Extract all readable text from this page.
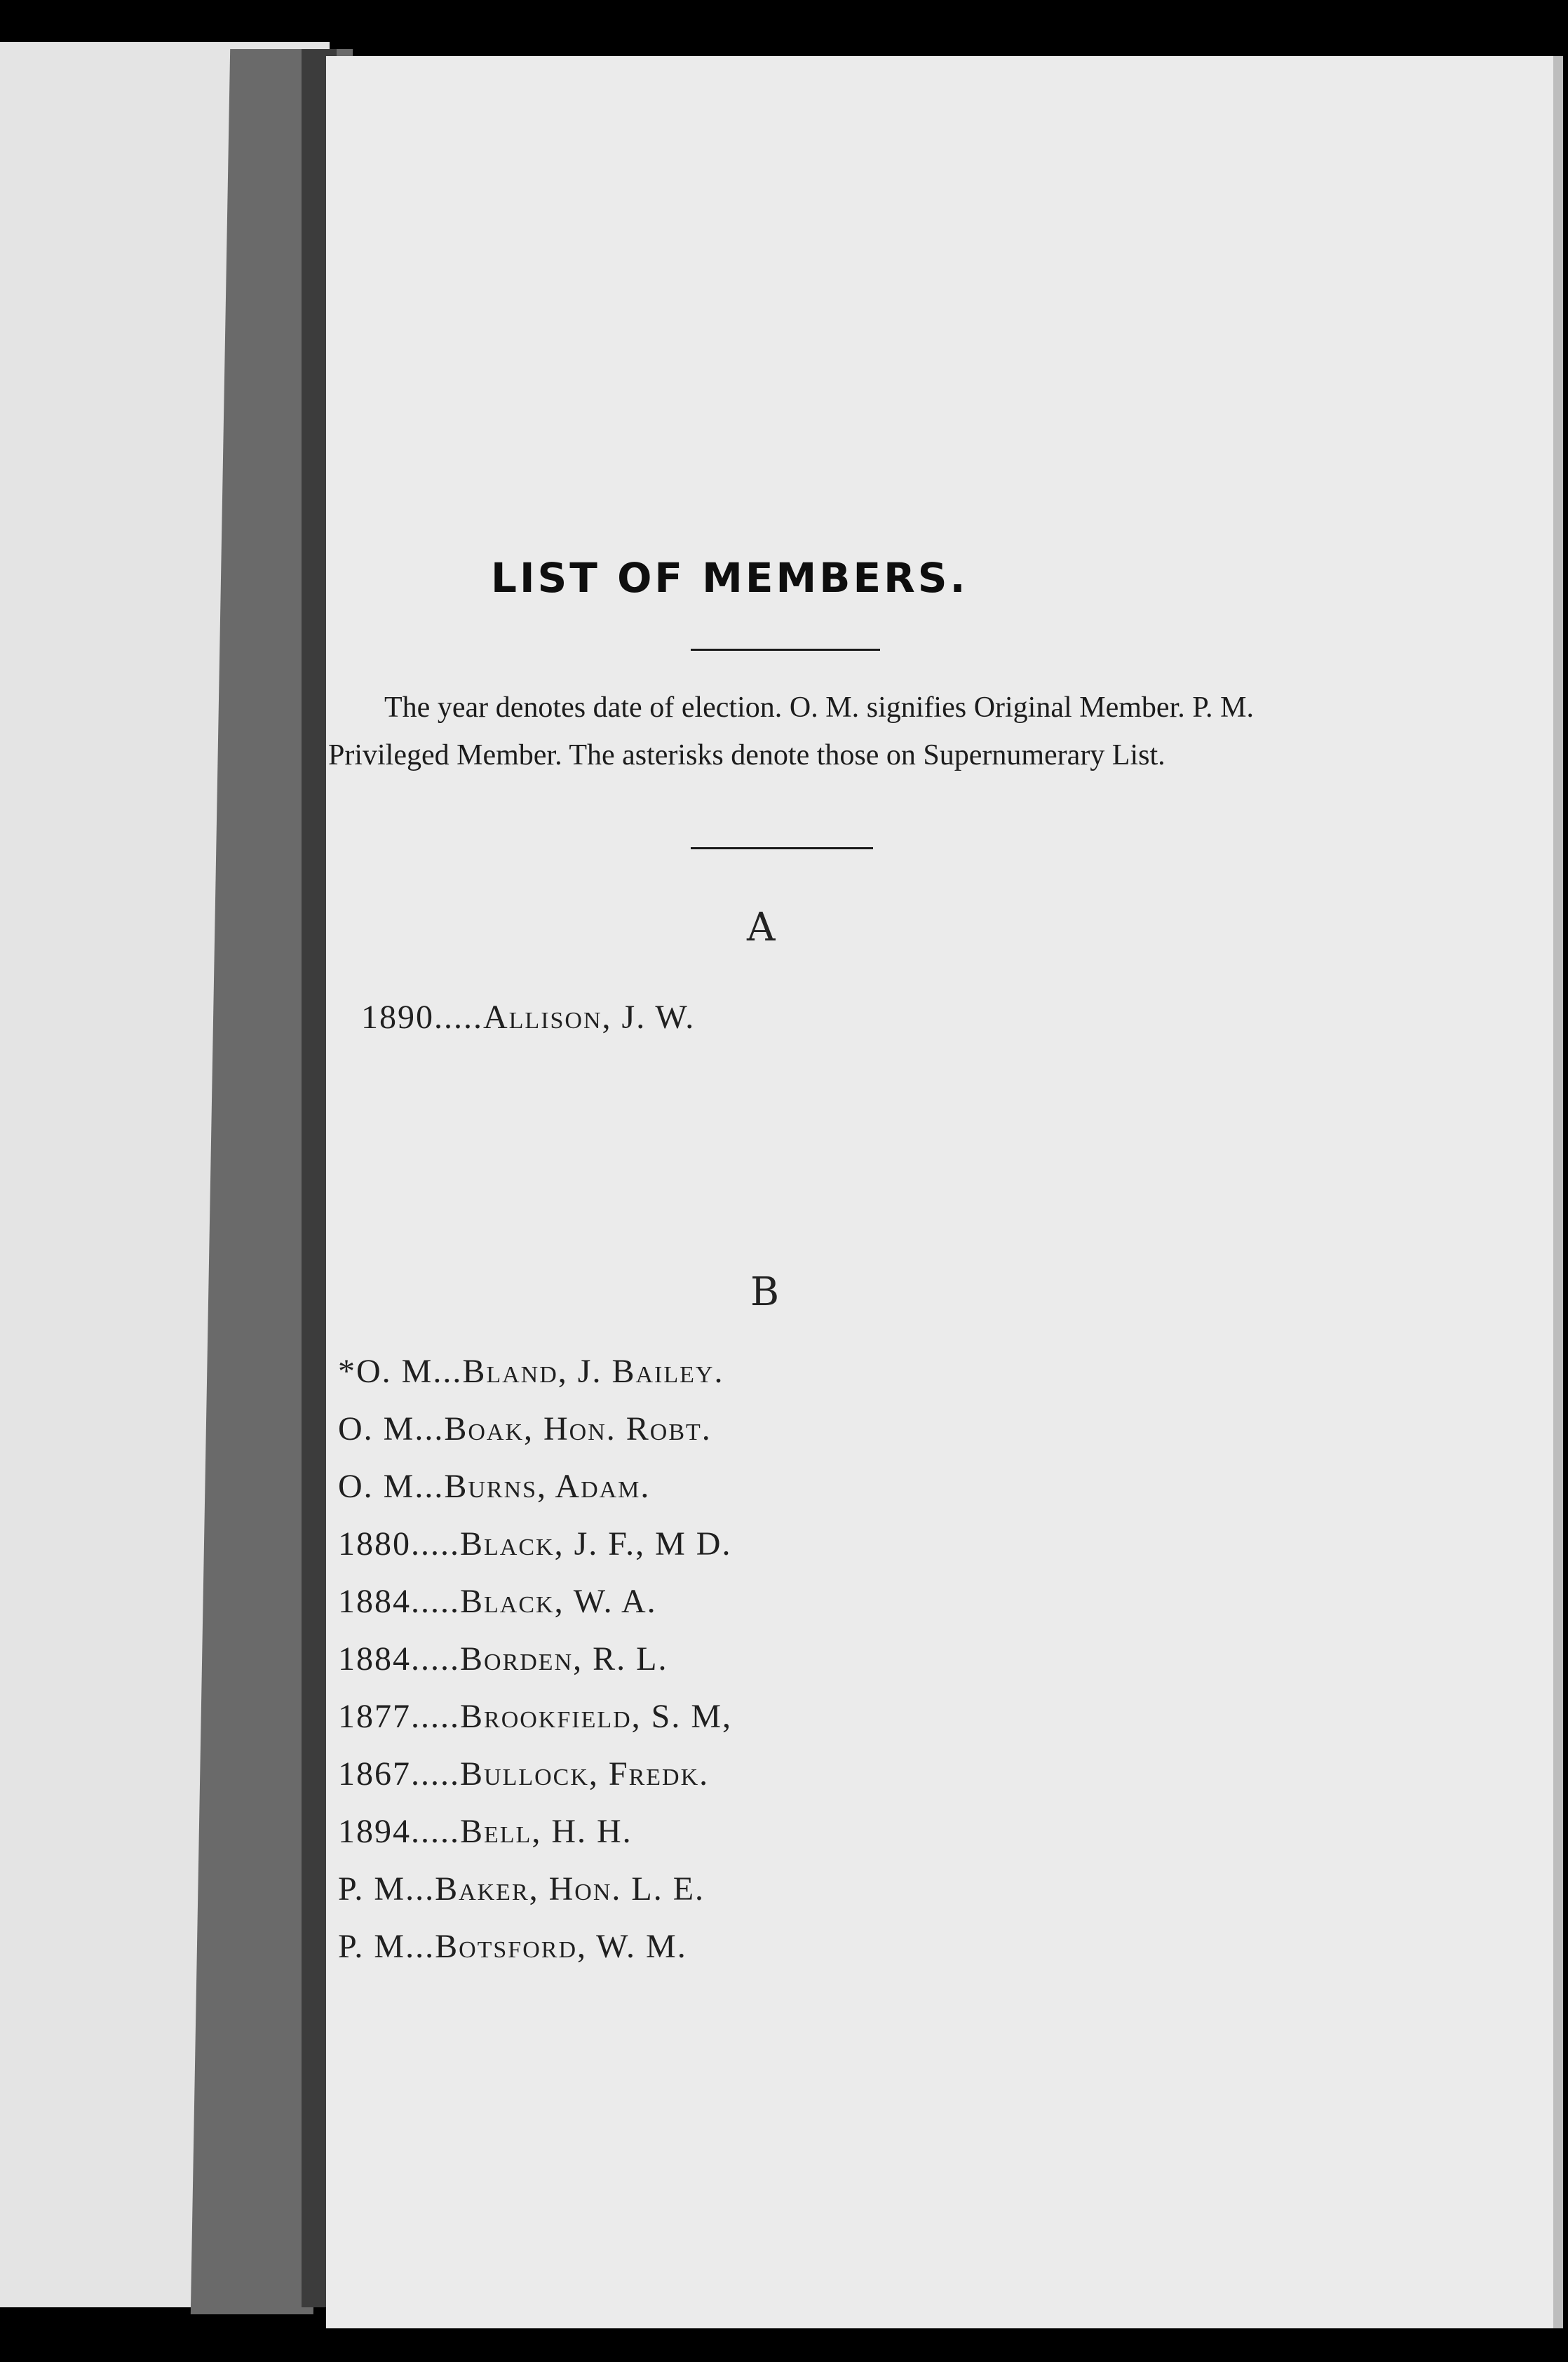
LIST OF MEMBERS.
The year denotes date of election. O. M. signifies Original Member. P. M. Privileged Member. The asterisks denote those on Supernumerary List.
A
1890.....Allison, J. W.
B
*O. M...Bland, J. Bailey.
O. M...Boak, Hon. Robt.
O. M...Burns, Adam.
1880.....Black, J. F., M D.
1884.....Black, W. A.
1884.....Borden, R. L.
1877.....Brookfield, S. M,
1867.....Bullock, Fredk.
1894.....Bell, H. H.
P. M...Baker, Hon. L. E.
P. M...Botsford, W. M.
